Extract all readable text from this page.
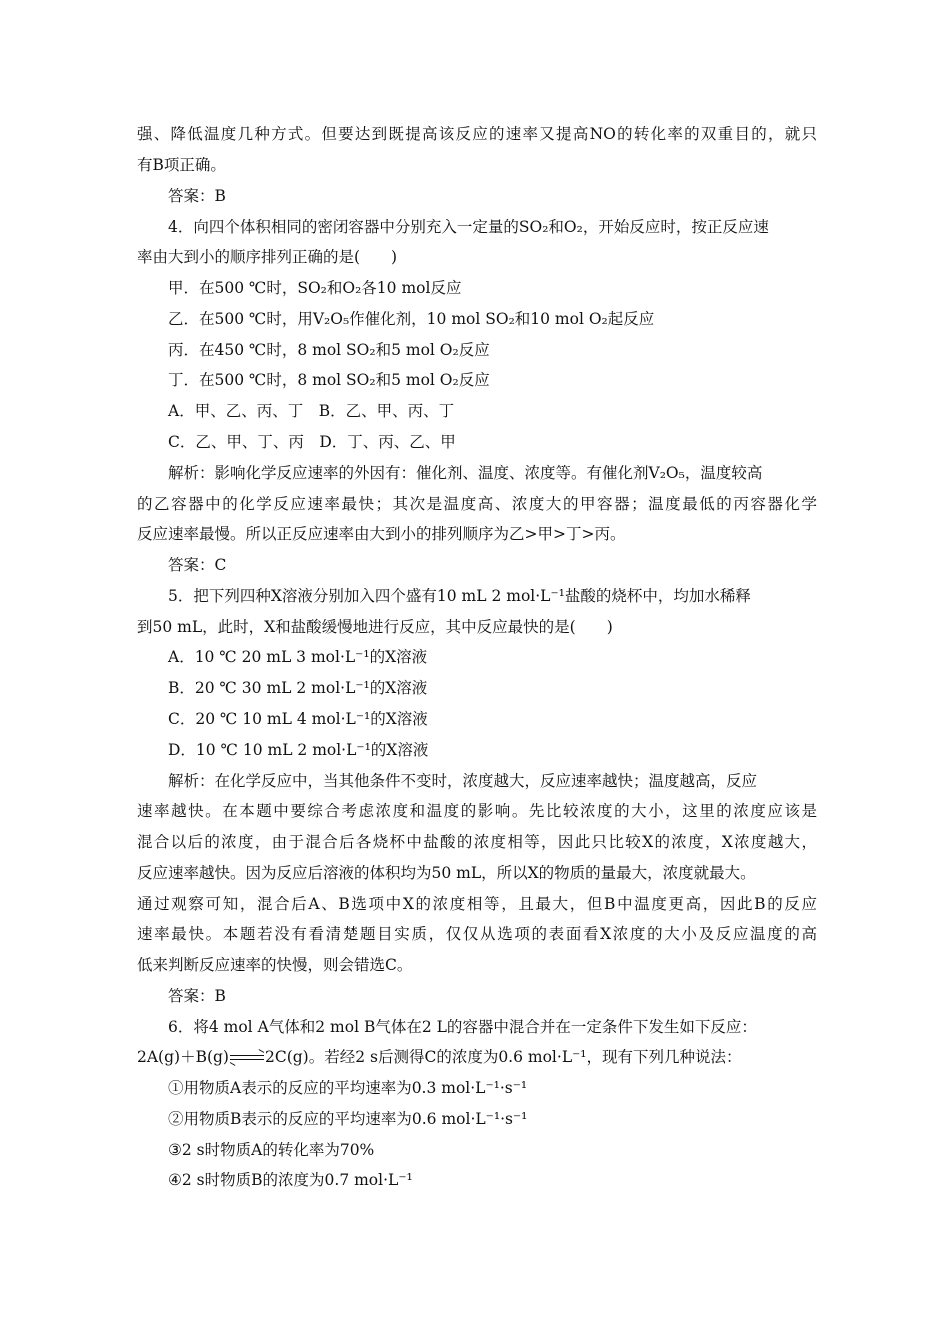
强、降低温度几种方式。但要达到既提高该反应的速率又提高NO的转化率的双重目的，就只
有B项正确。
答案：B
4．向四个体积相同的密闭容器中分别充入一定量的SO₂和O₂，开始反应时，按正反应速
率由大到小的顺序排列正确的是(　　)
甲．在500 ℃时，SO₂和O₂各10 mol反应
乙．在500 ℃时，用V₂O₅作催化剂，10 mol SO₂和10 mol O₂起反应
丙．在450 ℃时，8 mol SO₂和5 mol O₂反应
丁．在500 ℃时，8 mol SO₂和5 mol O₂反应
A．甲、乙、丙、丁　B．乙、甲、丙、丁
C．乙、甲、丁、丙　D．丁、丙、乙、甲
解析：影响化学反应速率的外因有：催化剂、温度、浓度等。有催化剂V₂O₅，温度较高
的乙容器中的化学反应速率最快；其次是温度高、浓度大的甲容器；温度最低的丙容器化学
反应速率最慢。所以正反应速率由大到小的排列顺序为乙>甲>丁>丙。
答案：C
5．把下列四种X溶液分别加入四个盛有10 mL 2 mol·L⁻¹盐酸的烧杯中，均加水稀释
到50 mL，此时，X和盐酸缓慢地进行反应，其中反应最快的是(　　)
A．10 ℃ 20 mL 3 mol·L⁻¹的X溶液
B．20 ℃ 30 mL 2 mol·L⁻¹的X溶液
C．20 ℃ 10 mL 4 mol·L⁻¹的X溶液
D．10 ℃ 10 mL 2 mol·L⁻¹的X溶液
解析：在化学反应中，当其他条件不变时，浓度越大，反应速率越快；温度越高，反应
速率越快。在本题中要综合考虑浓度和温度的影响。先比较浓度的大小，这里的浓度应该是
混合以后的浓度，由于混合后各烧杯中盐酸的浓度相等，因此只比较X的浓度，X浓度越大，
反应速率越快。因为反应后溶液的体积均为50 mL，所以X的物质的量最大，浓度就最大。
通过观察可知，混合后A、B选项中X的浓度相等，且最大，但B中温度更高，因此B的反应
速率最快。本题若没有看清楚题目实质，仅仅从选项的表面看X浓度的大小及反应温度的高
低来判断反应速率的快慢，则会错选C。
答案：B
6．将4 mol A气体和2 mol B气体在2 L的容器中混合并在一定条件下发生如下反应：
2A(g)＋B(g) 2C(g)。若经2 s后测得C的浓度为0.6 mol·L⁻¹，现有下列几种说法：
①用物质A表示的反应的平均速率为0.3 mol·L⁻¹·s⁻¹
②用物质B表示的反应的平均速率为0.6 mol·L⁻¹·s⁻¹
③2 s时物质A的转化率为70%
④2 s时物质B的浓度为0.7 mol·L⁻¹
